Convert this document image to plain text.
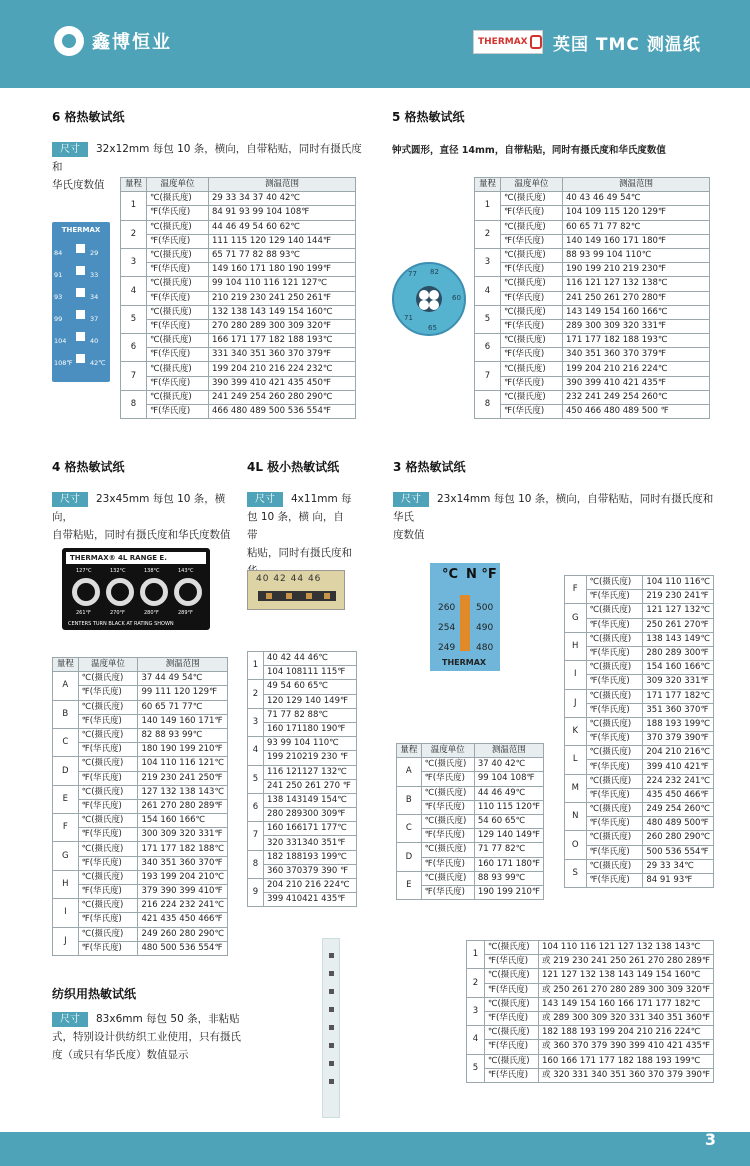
鑫博恒业	THERMAX 英国 TMC 测温纸
6 格热敏试纸
尺寸 32x12mm 每包 10 条，横向，自带粘贴，同时有摄氏度和
华氏度数值
THERMAX
84
91
93
99
104
108℉
29
33
34
37
40
42℃
量程	温度单位	测温范围
1	℃(摄氏度)	29 33 34 37 40 42℃
	℉(华氏度)	84 91 93 99 104 108℉
2	℃(摄氏度)	44 46 49 54 60 62℃
	℉(华氏度)	111 115 120 129 140 144℉
3	℃(摄氏度)	65 71 77 82 88 93℃
	℉(华氏度)	149 160 171 180 190 199℉
4	℃(摄氏度)	99 104 110 116 121 127℃
	℉(华氏度)	210 219 230 241 250 261℉
5	℃(摄氏度)	132 138 143 149 154 160℃
	℉(华氏度)	270 280 289 300 309 320℉
6	℃(摄氏度)	166 171 177 182 188 193℃
	℉(华氏度)	331 340 351 360 370 379℉
7	℃(摄氏度)	199 204 210 216 224 232℃
	℉(华氏度)	390 399 410 421 435 450℉
8	℃(摄氏度)	241 249 254 260 280 290℃
	℉(华氏度)	466 480 489 500 536 554℉
5 格热敏试纸
钟式圆形，直径 14mm，自带粘贴，同时有摄氏度和华氏度数值
77 82
60
65
71
量程	温度单位	测温范围
1	℃(摄氏度)	40 43 46 49 54℃
	℉(华氏度)	104 109 115 120 129℉
2	℃(摄氏度)	60 65 71 77 82℃
	℉(华氏度)	140 149 160 171 180℉
3	℃(摄氏度)	88 93 99 104 110℃
	℉(华氏度)	190 199 210 219 230℉
4	℃(摄氏度)	116 121 127 132 138℃
	℉(华氏度)	241 250 261 270 280℉
5	℃(摄氏度)	143 149 154 160 166℃
	℉(华氏度)	289 300 309 320 331℉
6	℃(摄氏度)	171 177 182 188 193℃
	℉(华氏度)	340 351 360 370 379℉
7	℃(摄氏度)	199 204 210 216 224℃
	℉(华氏度)	390 399 410 421 435℉
8	℃(摄氏度)	232 241 249 254 260℃
	℉(华氏度)	450 466 480 489 500 ℉
4 格热敏试纸
尺寸 23x45mm 每包 10 条，横向，
自带粘贴，同时有摄氏度和华氏度数值
THERMAX® 4L RANGE E.
127°C	132°C	138°C	143°C
261°F	270°F	280°F	289°F
CENTERS TURN BLACK AT RATING SHOWN
量程	温度单位	测温范围
A	℃(摄氏度)	37 44 49 54℃
	℉(华氏度)	99 111 120 129℉
B	℃(摄氏度)	60 65 71 77℃
	℉(华氏度)	140 149 160 171℉
C	℃(摄氏度)	82 88 93 99℃
	℉(华氏度)	180 190 199 210℉
D	℃(摄氏度)	104 110 116 121℃
	℉(华氏度)	219 230 241 250℉
E	℃(摄氏度)	127 132 138 143℃
	℉(华氏度)	261 270 280 289℉
F	℃(摄氏度)	154 160 166℃
	℉(华氏度)	300 309 320 331℉
G	℃(摄氏度)	171 177 182 188℃
	℉(华氏度)	340 351 360 370℉
H	℃(摄氏度)	193 199 204 210℃
	℉(华氏度)	379 390 399 410℉
I	℃(摄氏度)	216 224 232 241℃
	℉(华氏度)	421 435 450 466℉
J	℃(摄氏度)	249 260 280 290℃
	℉(华氏度)	480 500 536 554℉
4L 极小热敏试纸
尺寸 4x11mm 每
包 10 条，横 向，自 带
粘贴，同时有摄氏度和

40 42 44 46
1	40 42 44 46℃
	104 108111 115℉
2	49 54 60 65℃
	120 129 140 149℉
3	71 77 82 88℃
	160 171180 190℉
4	93 99 104 110℃
	199 210219 230 ℉
5	116 121127 132℃
	241 250 261 270 ℉
6	138 143149 154℃
	280 289300 309℉
7	160 166171 177℃
	320 331340 351℉
8	182 188193 199℃
	360 370379 390 ℉
9	204 210 216 224℃
	399 410421 435℉
3 格热敏试纸
尺寸 23x14mm 每包 10 条，横向，自带粘贴，同时有摄氏度和华氏
度数值
°C N °F
260
254
249
500
490
480
THERMAX
量程	温度单位	测温范围
A	℃(摄氏度)	37 40 42℃
	℉(华氏度)	99 104 108℉
B	℃(摄氏度)	44 46 49℃
	℉(华氏度)	110 115 120℉
C	℃(摄氏度)	54 60 65℃
	℉(华氏度)	129 140 149℉
D	℃(摄氏度)	71 77 82℃
	℉(华氏度)	160 171 180℉
E	℃(摄氏度)	88 93 99℃
	℉(华氏度)	190 199 210℉
F	℃(摄氏度)	104 110 116℃
	℉(华氏度)	219 230 241℉
G	℃(摄氏度)	121 127 132℃
	℉(华氏度)	250 261 270℉
H	℃(摄氏度)	138 143 149℃
	℉(华氏度)	280 289 300℉
I	℃(摄氏度)	154 160 166℃
	℉(华氏度)	309 320 331℉
J	℃(摄氏度)	171 177 182℃
	℉(华氏度)	351 360 370℉
K	℃(摄氏度)	188 193 199℃
	℉(华氏度)	370 379 390℉
L	℃(摄氏度)	204 210 216℃
	℉(华氏度)	399 410 421℉
M	℃(摄氏度)	224 232 241℃
	℉(华氏度)	435 450 466℉
N	℃(摄氏度)	249 254 260℃
	℉(华氏度)	480 489 500℉
O	℃(摄氏度)	260 280 290℃
	℉(华氏度)	500 536 554℉
S	℃(摄氏度)	29 33 34℃
	℉(华氏度)	84 91 93℉
纺织用热敏试纸
尺寸 83x6mm 每包 50 条，非粘贴
式，特别设计供纺织工业使用，只有摄氏
度（或只有华氏度）数值显示
1	℃(摄氏度)	104 110 116 121 127 132 138 143℃
	℉(华氏度)	或 219 230 241 250 261 270 280 289℉
2	℃(摄氏度)	121 127 132 138 143 149 154 160℃
	℉(华氏度)	或 250 261 270 280 289 300 309 320℉
3	℃(摄氏度)	143 149 154 160 166 171 177 182℃
	℉(华氏度)	或 289 300 309 320 331 340 351 360℉
4	℃(摄氏度)	182 188 193 199 204 210 216 224℃
	℉(华氏度)	或 360 370 379 390 399 410 421 435℉
5	℃(摄氏度)	160 166 171 177 182 188 193 199℃
	℉(华氏度)	或 320 331 340 351 360 370 379 390℉
3
